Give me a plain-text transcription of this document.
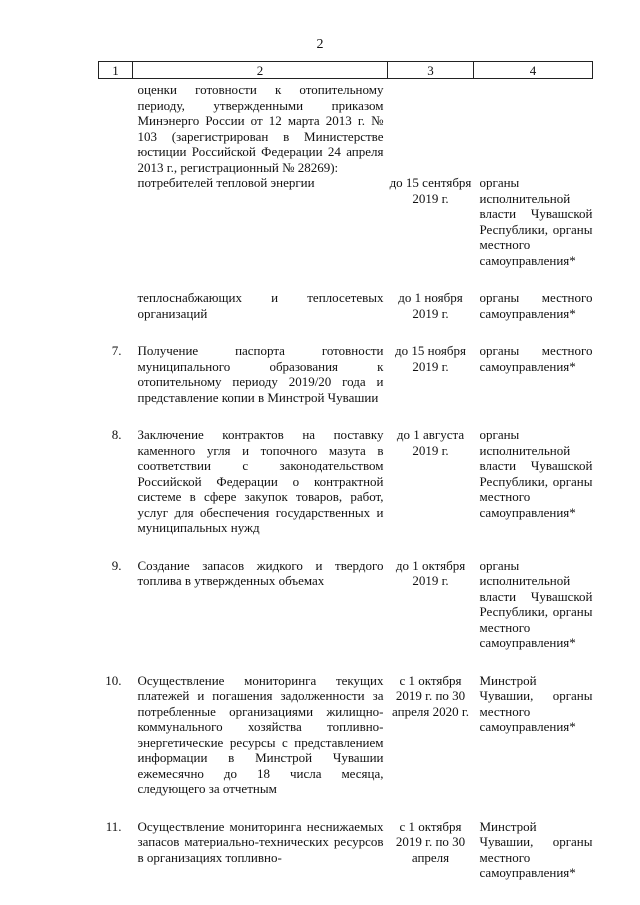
2
1	2	3	4
	оценки готовности к отопительному периоду, утвержденными приказом Минэнерго России от 12 марта 2013 г. № 103 (зарегистрирован в Министерстве юстиции Российской Федерации 24 апреля 2013 г., регистрационный № 28269):		
	потребителей тепловой энергии	до 15 сентября 2019 г.	органы исполнительной власти Чувашской Республики, органы местного самоуправления*

	теплоснабжающих и теплосетевых организаций	до 1 ноября 2019 г.	органы местного самоуправления*

7.	Получение паспорта готовности муниципального образования к отопительному периоду 2019/20 года и представление копии в Минстрой Чувашии	до 15 ноября 2019 г.	органы местного самоуправления*

8.	Заключение контрактов на поставку каменного угля и топочного мазута в соответствии с законодательством Российской Федерации о контрактной системе в сфере закупок товаров, работ, услуг для обеспечения государственных и муниципальных нужд	до 1 августа 2019 г.	органы исполнительной власти Чувашской Республики, органы местного самоуправления*

9.	Создание запасов жидкого и твердого топлива в утвержденных объемах	до 1 октября 2019 г.	органы исполнительной власти Чувашской Республики, органы местного самоуправления*

10.	Осуществление мониторинга текущих платежей и погашения задолженности за потребленные организациями жилищно-коммунального хозяйства топливно-энергетические ресурсы с представлением информации в Минстрой Чувашии ежемесячно до 18 числа месяца, следующего за отчетным	с 1 октября 2019 г. по 30 апреля 2020 г.	Минстрой Чувашии, органы местного самоуправления*

11.	Осуществление мониторинга неснижаемых запасов материально-технических ресурсов в организациях топливно-	с 1 октября 2019 г. по 30 апреля	Минстрой Чувашии, органы местного самоуправления*
